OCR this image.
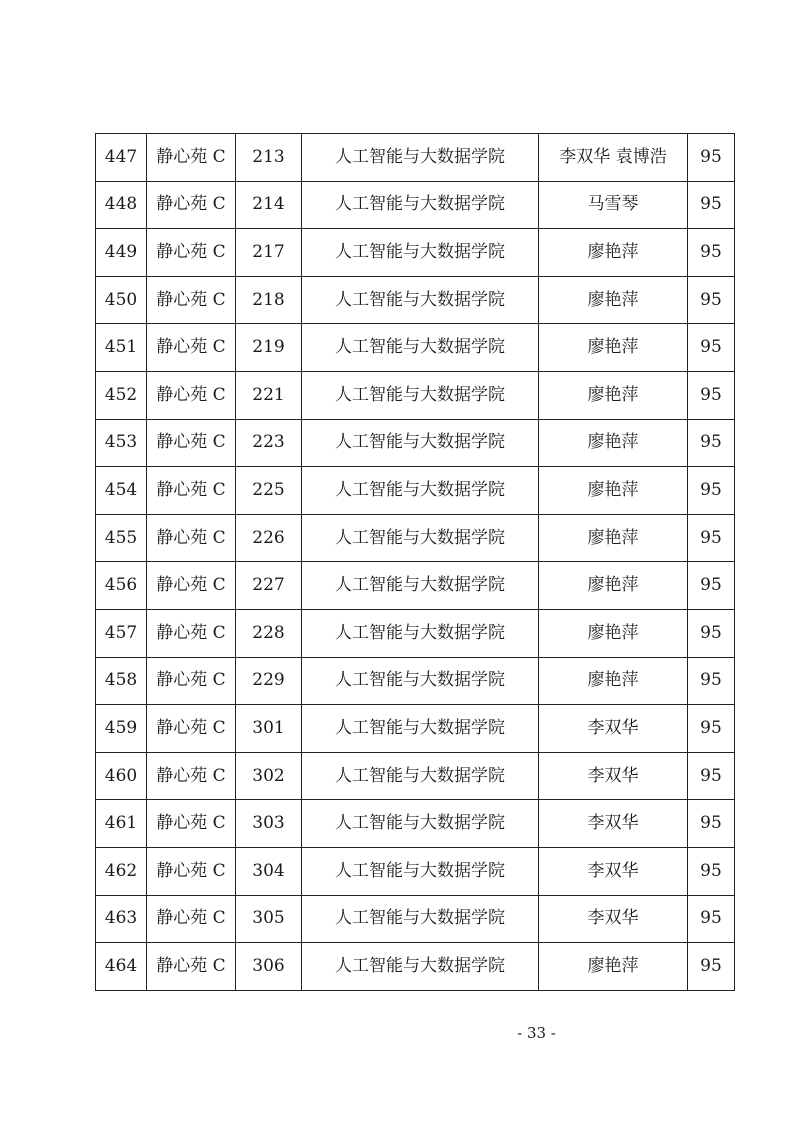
447	静心苑 C	213	人工智能与大数据学院	李双华 袁博浩	95
448	静心苑 C	214	人工智能与大数据学院	马雪琴	95
449	静心苑 C	217	人工智能与大数据学院	廖艳萍	95
450	静心苑 C	218	人工智能与大数据学院	廖艳萍	95
451	静心苑 C	219	人工智能与大数据学院	廖艳萍	95
452	静心苑 C	221	人工智能与大数据学院	廖艳萍	95
453	静心苑 C	223	人工智能与大数据学院	廖艳萍	95
454	静心苑 C	225	人工智能与大数据学院	廖艳萍	95
455	静心苑 C	226	人工智能与大数据学院	廖艳萍	95
456	静心苑 C	227	人工智能与大数据学院	廖艳萍	95
457	静心苑 C	228	人工智能与大数据学院	廖艳萍	95
458	静心苑 C	229	人工智能与大数据学院	廖艳萍	95
459	静心苑 C	301	人工智能与大数据学院	李双华	95
460	静心苑 C	302	人工智能与大数据学院	李双华	95
461	静心苑 C	303	人工智能与大数据学院	李双华	95
462	静心苑 C	304	人工智能与大数据学院	李双华	95
463	静心苑 C	305	人工智能与大数据学院	李双华	95
464	静心苑 C	306	人工智能与大数据学院	廖艳萍	95
- 33 -
